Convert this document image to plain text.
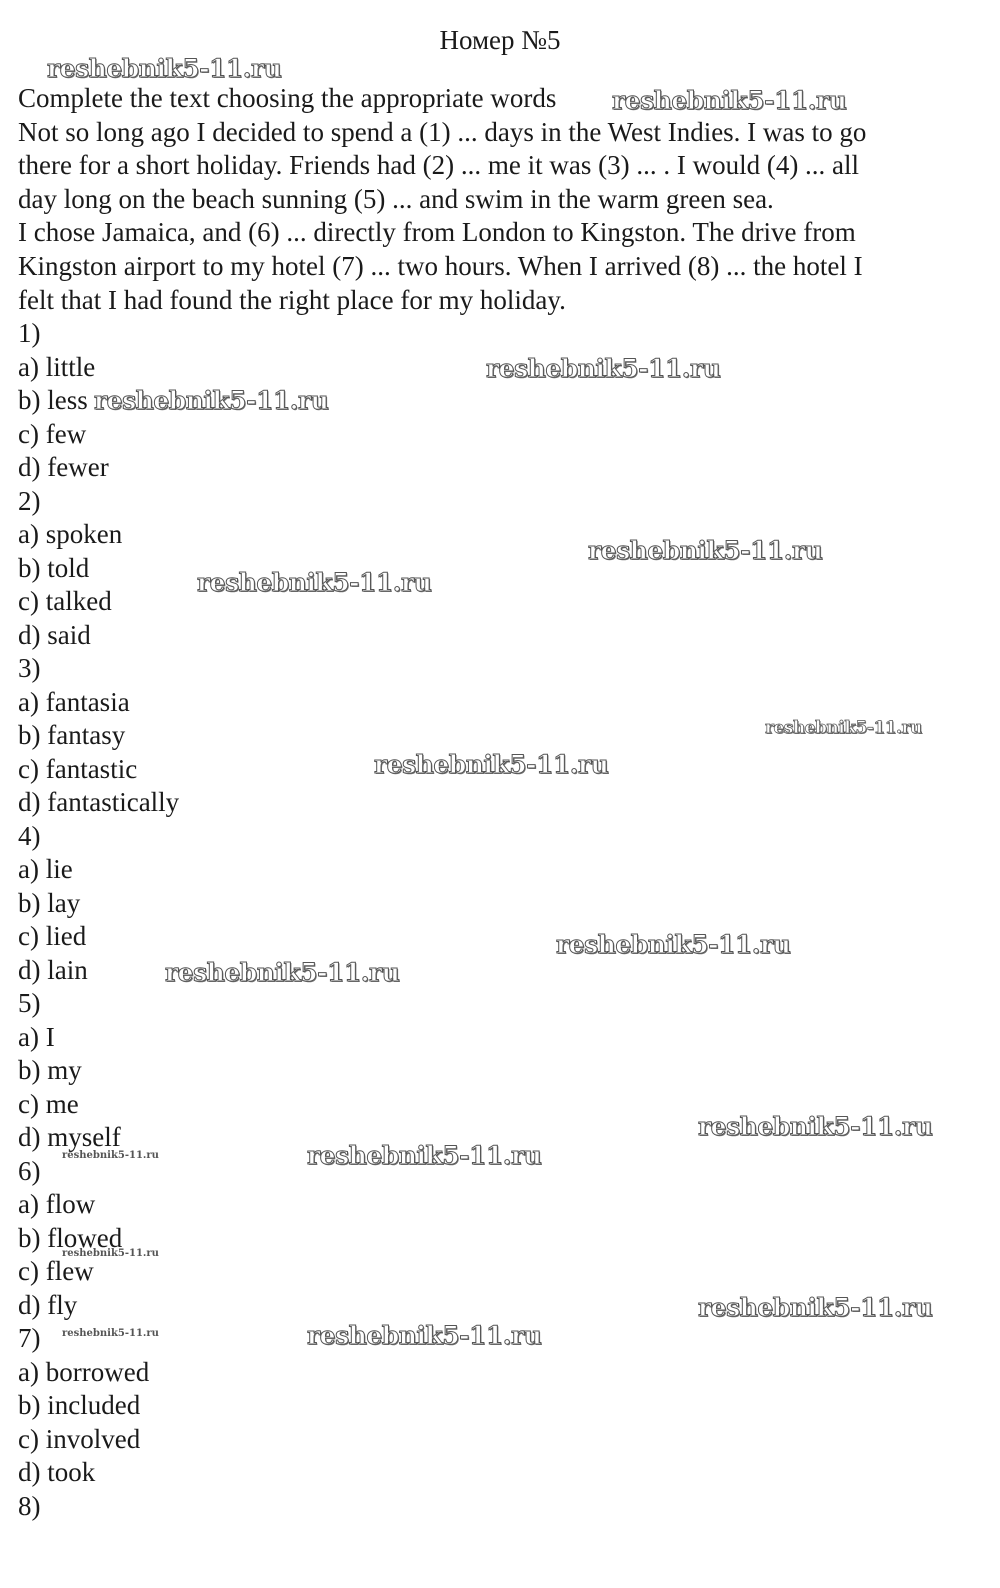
Номер №5

Complete the text choosing the appropriate words

Not so long ago I decided to spend a (1) ... days in the West Indies. I was to go

there for a short holiday. Friends had (2) ... me it was (3) ... . I would (4) ... all

day long on the beach sunning (5) ... and swim in the warm green sea.

I chose Jamaica, and (6) ... directly from London to Kingston. The drive from

Kingston airport to my hotel (7) ... two hours. When I arrived (8) ... the hotel I

felt that I had found the right place for my holiday.

1)

a) little

b) less

c) few

d) fewer

2)

a) spoken

b) told

c) talked

d) said

3)

a) fantasia

b) fantasy

c) fantastic

d) fantastically

4)

a) lie

b) lay

c) lied

d) lain

5)

a) I

b) my

c) me

d) myself

6)

a) flow

b) flowed

c) flew

d) fly

7)

a) borrowed

b) included

c) involved

d) took

8)

reshebnik5-11.ru
reshebnik5-11.ru
reshebnik5-11.ru
reshebnik5-11.ru
reshebnik5-11.ru
reshebnik5-11.ru
reshebnik5-11.ru
reshebnik5-11.ru
reshebnik5-11.ru
reshebnik5-11.ru
reshebnik5-11.ru
reshebnik5-11.ru
reshebnik5-11.ru
reshebnik5-11.ru
reshebnik5-11.ru
reshebnik5-11.ru	reshebnik5-11.ru
